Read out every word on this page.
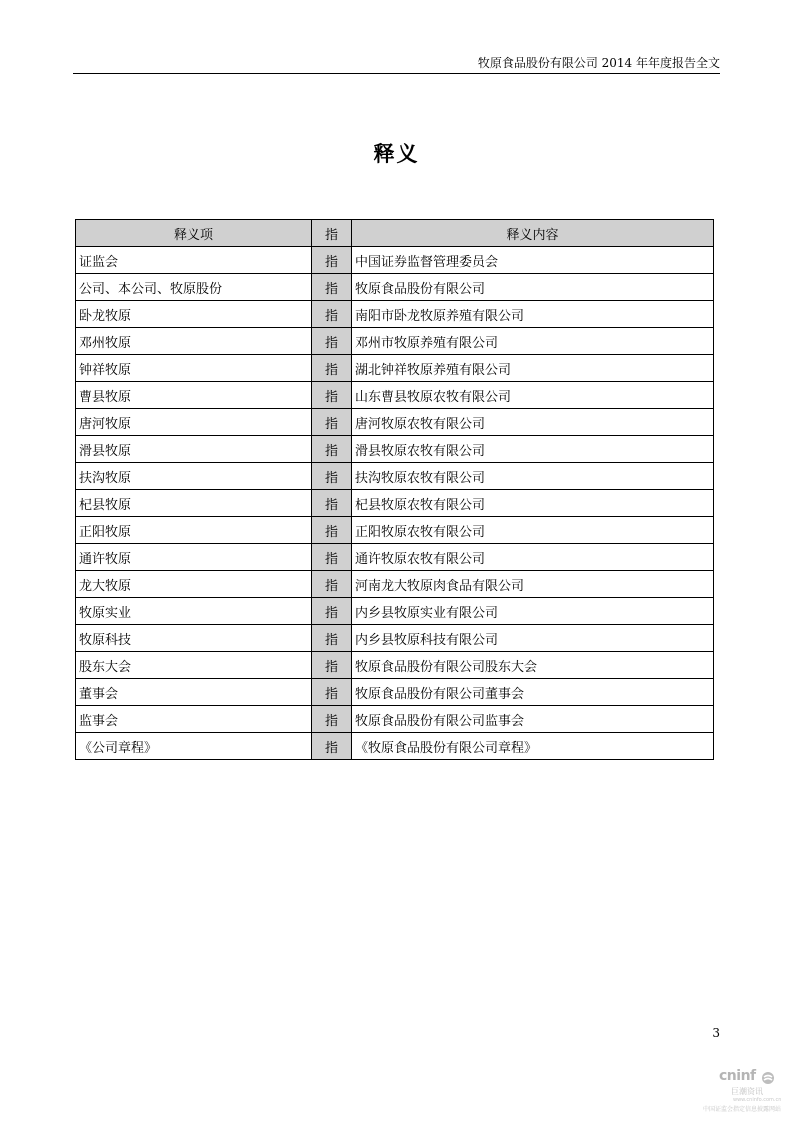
牧原食品股份有限公司 2014 年年度报告全文
释义
释义项	指	释义内容
证监会	指	中国证券监督管理委员会
公司、本公司、牧原股份	指	牧原食品股份有限公司
卧龙牧原	指	南阳市卧龙牧原养殖有限公司
邓州牧原	指	邓州市牧原养殖有限公司
钟祥牧原	指	湖北钟祥牧原养殖有限公司
曹县牧原	指	山东曹县牧原农牧有限公司
唐河牧原	指	唐河牧原农牧有限公司
滑县牧原	指	滑县牧原农牧有限公司
扶沟牧原	指	扶沟牧原农牧有限公司
杞县牧原	指	杞县牧原农牧有限公司
正阳牧原	指	正阳牧原农牧有限公司
通许牧原	指	通许牧原农牧有限公司
龙大牧原	指	河南龙大牧原肉食品有限公司
牧原实业	指	内乡县牧原实业有限公司
牧原科技	指	内乡县牧原科技有限公司
股东大会	指	牧原食品股份有限公司股东大会
董事会	指	牧原食品股份有限公司董事会
监事会	指	牧原食品股份有限公司监事会
《公司章程》	指	《牧原食品股份有限公司章程》
3
cninf
巨潮资讯
www.cninfo.com.cn
中国证监会指定信息披露网站
